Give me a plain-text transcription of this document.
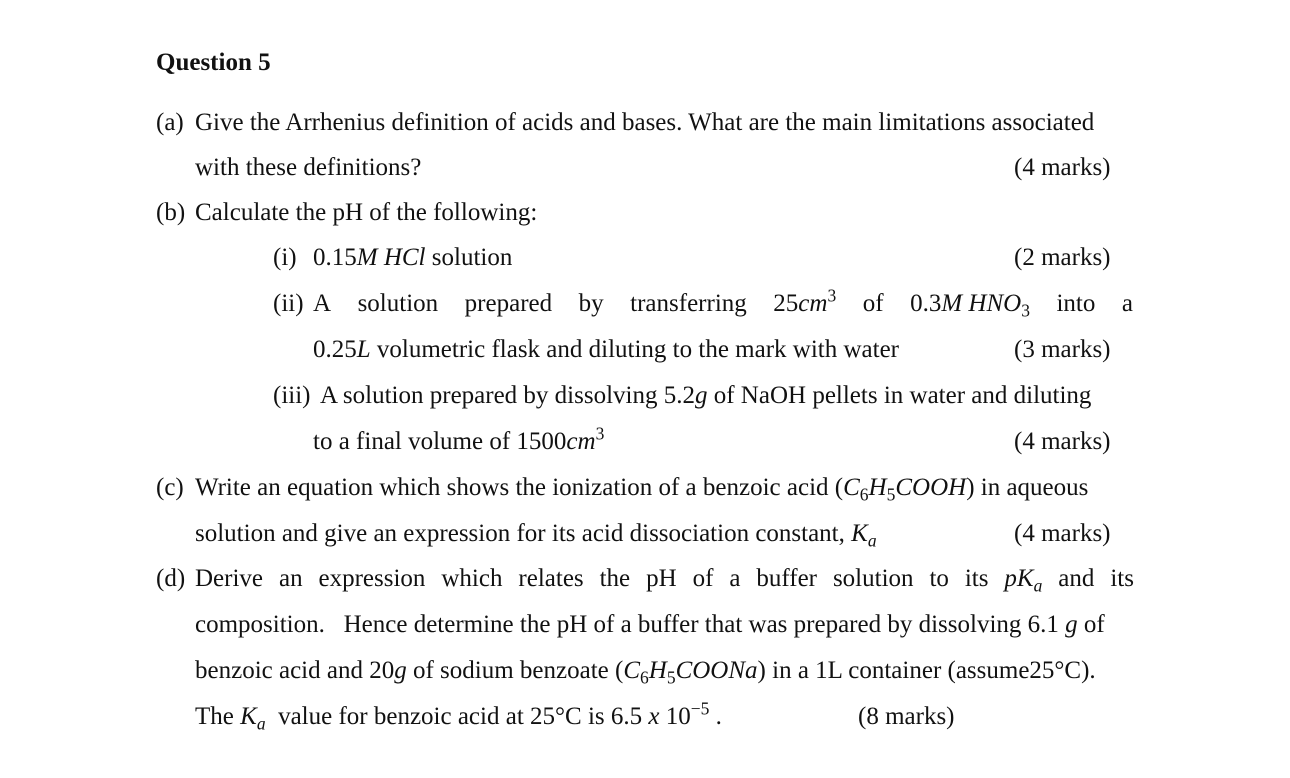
Question 5
(a) Give the Arrhenius definition of acids and bases. What are the main limitations associated
with these definitions?	(4 marks)
(b) Calculate the pH of the following:
(i) 0.15M HCl solution	(2 marks)
(ii) A solution prepared by transferring $25cm^3$ of 0.3M $HNO_3$ into a
0.25L volumetric flask and diluting to the mark with water	(3 marks)
(iii) A solution prepared by dissolving 5.2g of NaOH pellets in water and diluting
to a final volume of $1500cm^3$	(4 marks)
(c) Write an equation which shows the ionization of a benzoic acid $(C_6H_5COOH)$ in aqueous
solution and give an expression for its acid dissociation constant, $K_a$	(4 marks)
(d) Derive an expression which relates the pH of a buffer solution to its $pK_a$ and its
composition.   Hence determine the pH of a buffer that was prepared by dissolving 6.1 g of
benzoic acid and 20g of sodium benzoate $(C_6H_5COONa)$ in a 1L container (assume25°C).
The $K_a$ value for benzoic acid at 25°C is 6.5 x $10^{-5}$ .	(8 marks)
